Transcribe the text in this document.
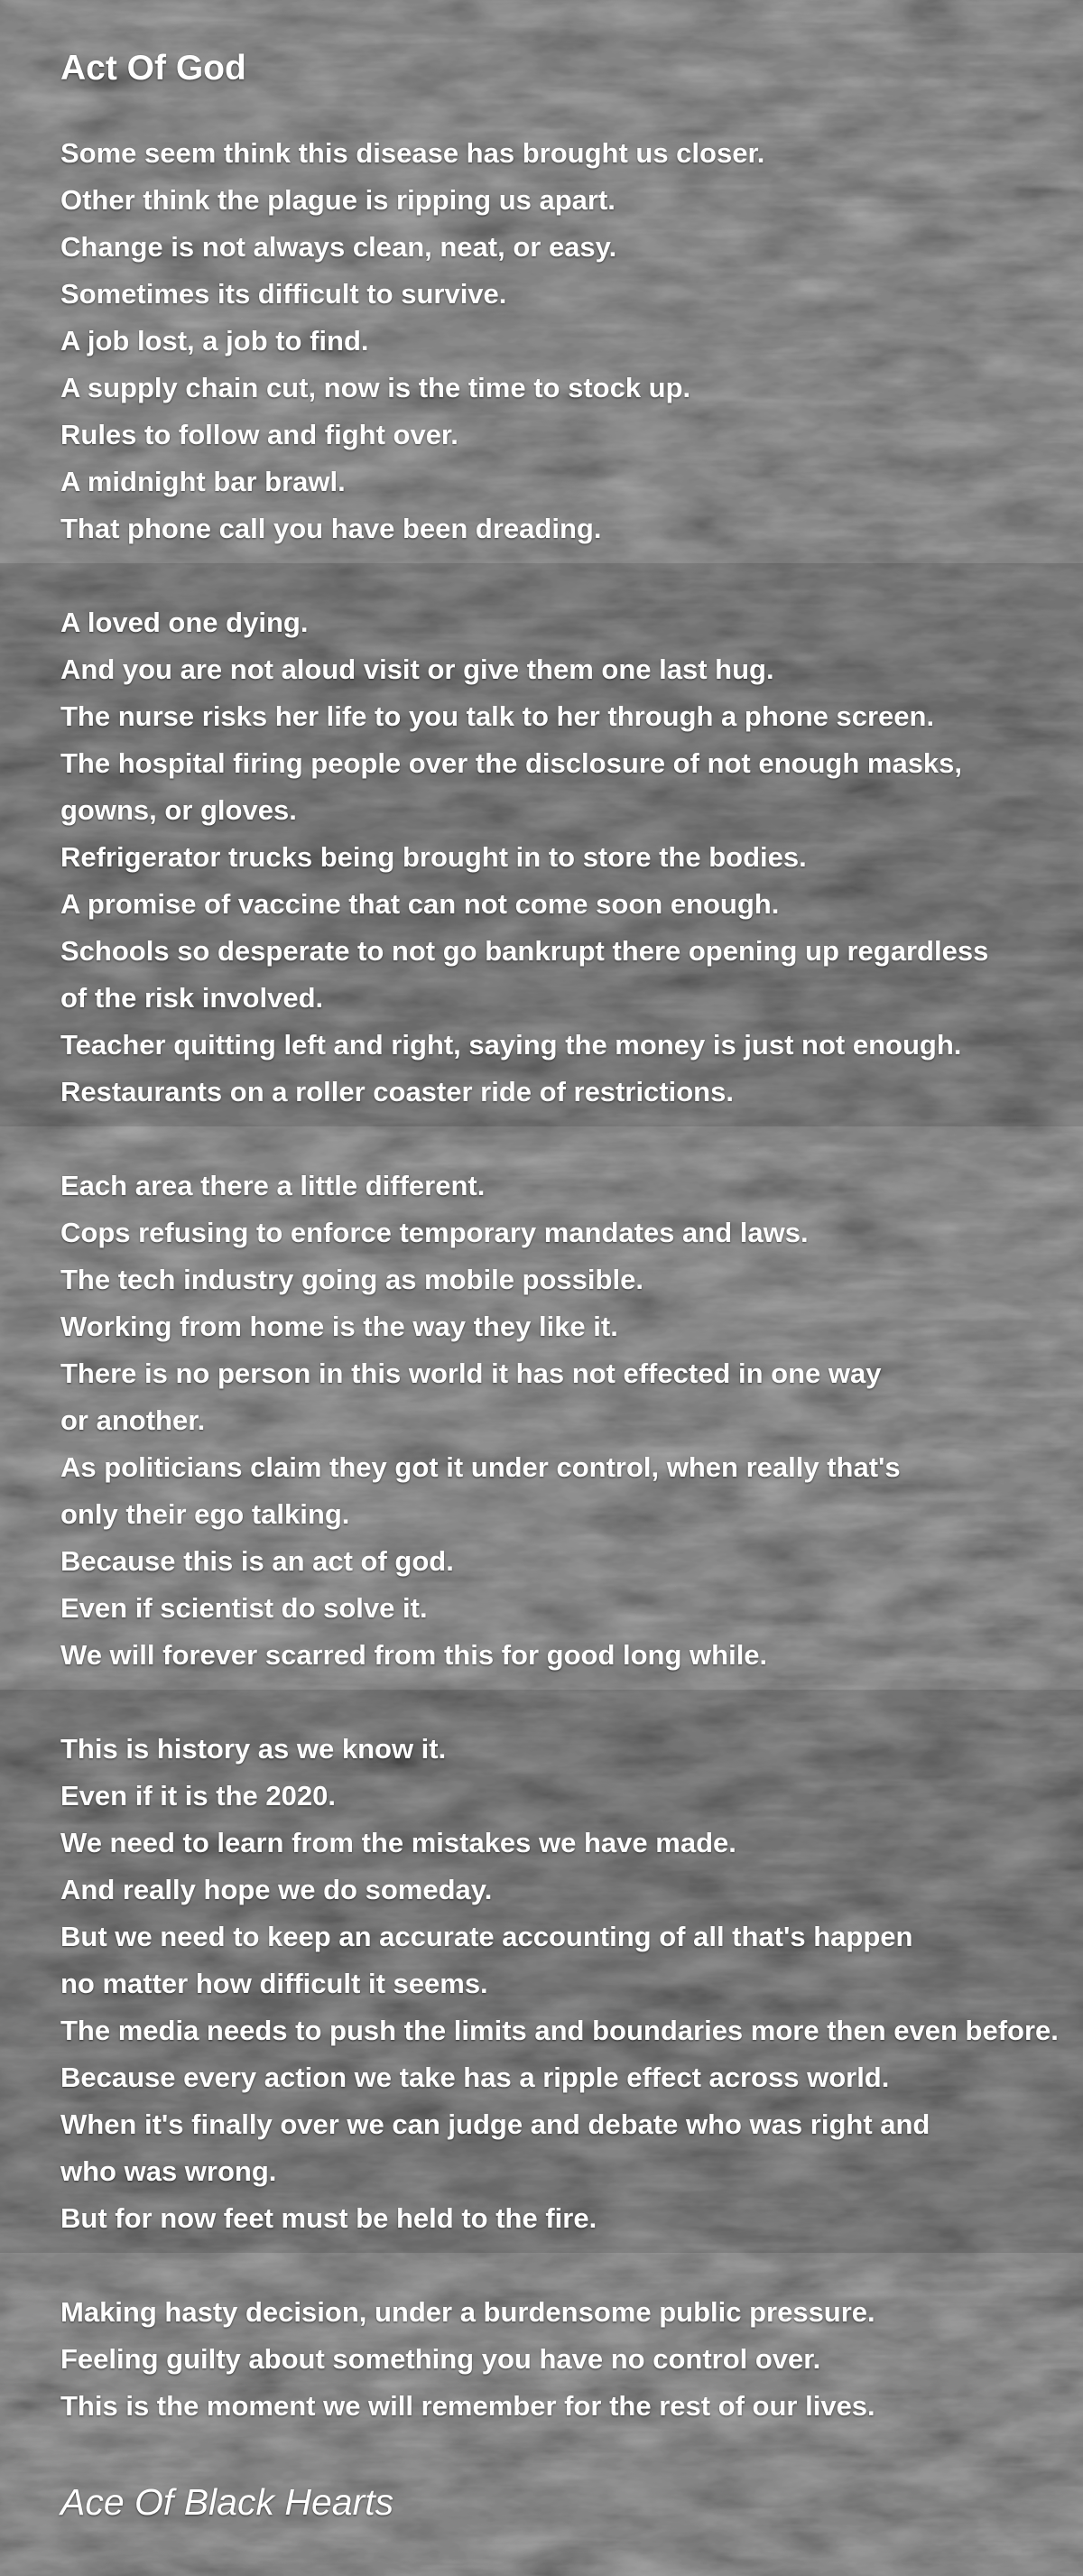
Act Of God
Some seem think this disease has brought us closer.
Other think the plague is ripping us apart.
Change is not always clean, neat, or easy.
Sometimes its difficult to survive.
A job lost, a job to find.
A supply chain cut, now is the time to stock up.
Rules to follow and fight over.
A midnight bar brawl.
That phone call you have been dreading.
A loved one dying.
And you are not aloud visit or give them one last hug.
The nurse risks her life to you talk to her through a phone screen.
The hospital firing people over the disclosure of not enough masks,
gowns, or gloves.
Refrigerator trucks being brought in to store the bodies.
A promise of vaccine that can not come soon enough.
Schools so desperate to not go bankrupt there opening up regardless
of the risk involved.
Teacher quitting left and right, saying the money is just not enough.
Restaurants on a roller coaster ride of restrictions.
Each area there a little different.
Cops refusing to enforce temporary mandates and laws.
The tech industry going as mobile possible.
Working from home is the way they like it.
There is no person in this world it has not effected in one way
or another.
As politicians claim they got it under control, when really that's
only their ego talking.
Because this is an act of god.
Even if scientist do solve it.
We will forever scarred from this for good long while.
This is history as we know it.
Even if it is the 2020.
We need to learn from the mistakes we have made.
And really hope we do someday.
But we need to keep an accurate accounting of all that's happen
no matter how difficult it seems.
The media needs to push the limits and boundaries more then even before.
Because every action we take has a ripple effect across world.
When it's finally over we can judge and debate who was right and
who was wrong.
But for now feet must be held to the fire.
Making hasty decision, under a burdensome public pressure.
Feeling guilty about something you have no control over.
This is the moment we will remember for the rest of our lives.
Ace Of Black Hearts
